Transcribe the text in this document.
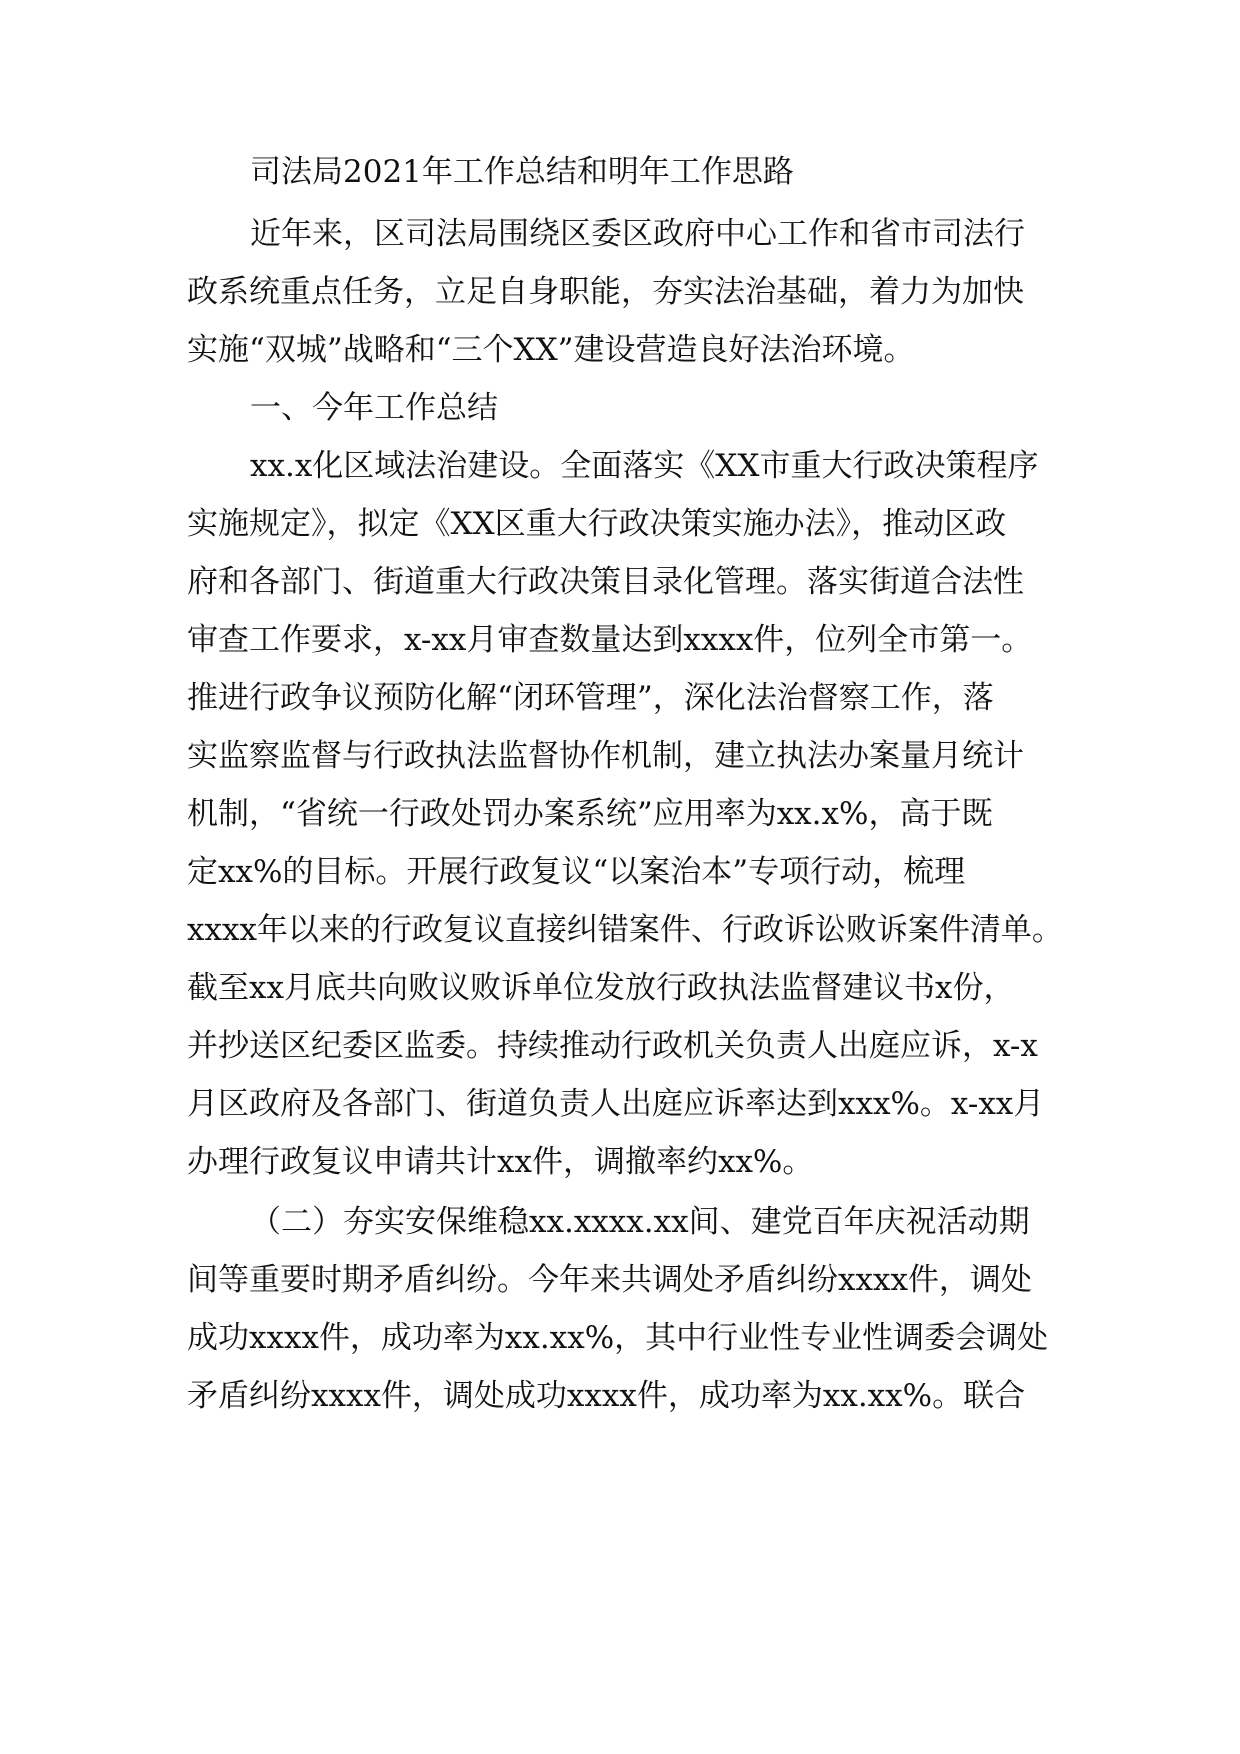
司法局2021年工作总结和明年工作思路
近年来，区司法局围绕区委区政府中心工作和省市司法行
政系统重点任务，立足自身职能，夯实法治基础，着力为加快
实施“双城”战略和“三个XX”建设营造良好法治环境。
一、今年工作总结
xx.x化区域法治建设。全面落实《XX市重大行政决策程序
实施规定》，拟定《XX区重大行政决策实施办法》，推动区政
府和各部门、街道重大行政决策目录化管理。落实街道合法性
审查工作要求，x-xx月审查数量达到xxxx件，位列全市第一。
推进行政争议预防化解“闭环管理”，深化法治督察工作，落
实监察监督与行政执法监督协作机制，建立执法办案量月统计
机制，“省统一行政处罚办案系统”应用率为xx.x%，高于既
定xx%的目标。开展行政复议“以案治本”专项行动，梳理
xxxx年以来的行政复议直接纠错案件、行政诉讼败诉案件清单。
截至xx月底共向败议败诉单位发放行政执法监督建议书x份，
并抄送区纪委区监委。持续推动行政机关负责人出庭应诉，x-x
月区政府及各部门、街道负责人出庭应诉率达到xxx%。x-xx月
办理行政复议申请共计xx件，调撤率约xx%。
（二）夯实安保维稳xx.xxxx.xx间、建党百年庆祝活动期
间等重要时期矛盾纠纷。今年来共调处矛盾纠纷xxxx件，调处
成功xxxx件，成功率为xx.xx%，其中行业性专业性调委会调处
矛盾纠纷xxxx件，调处成功xxxx件，成功率为xx.xx%。联合
